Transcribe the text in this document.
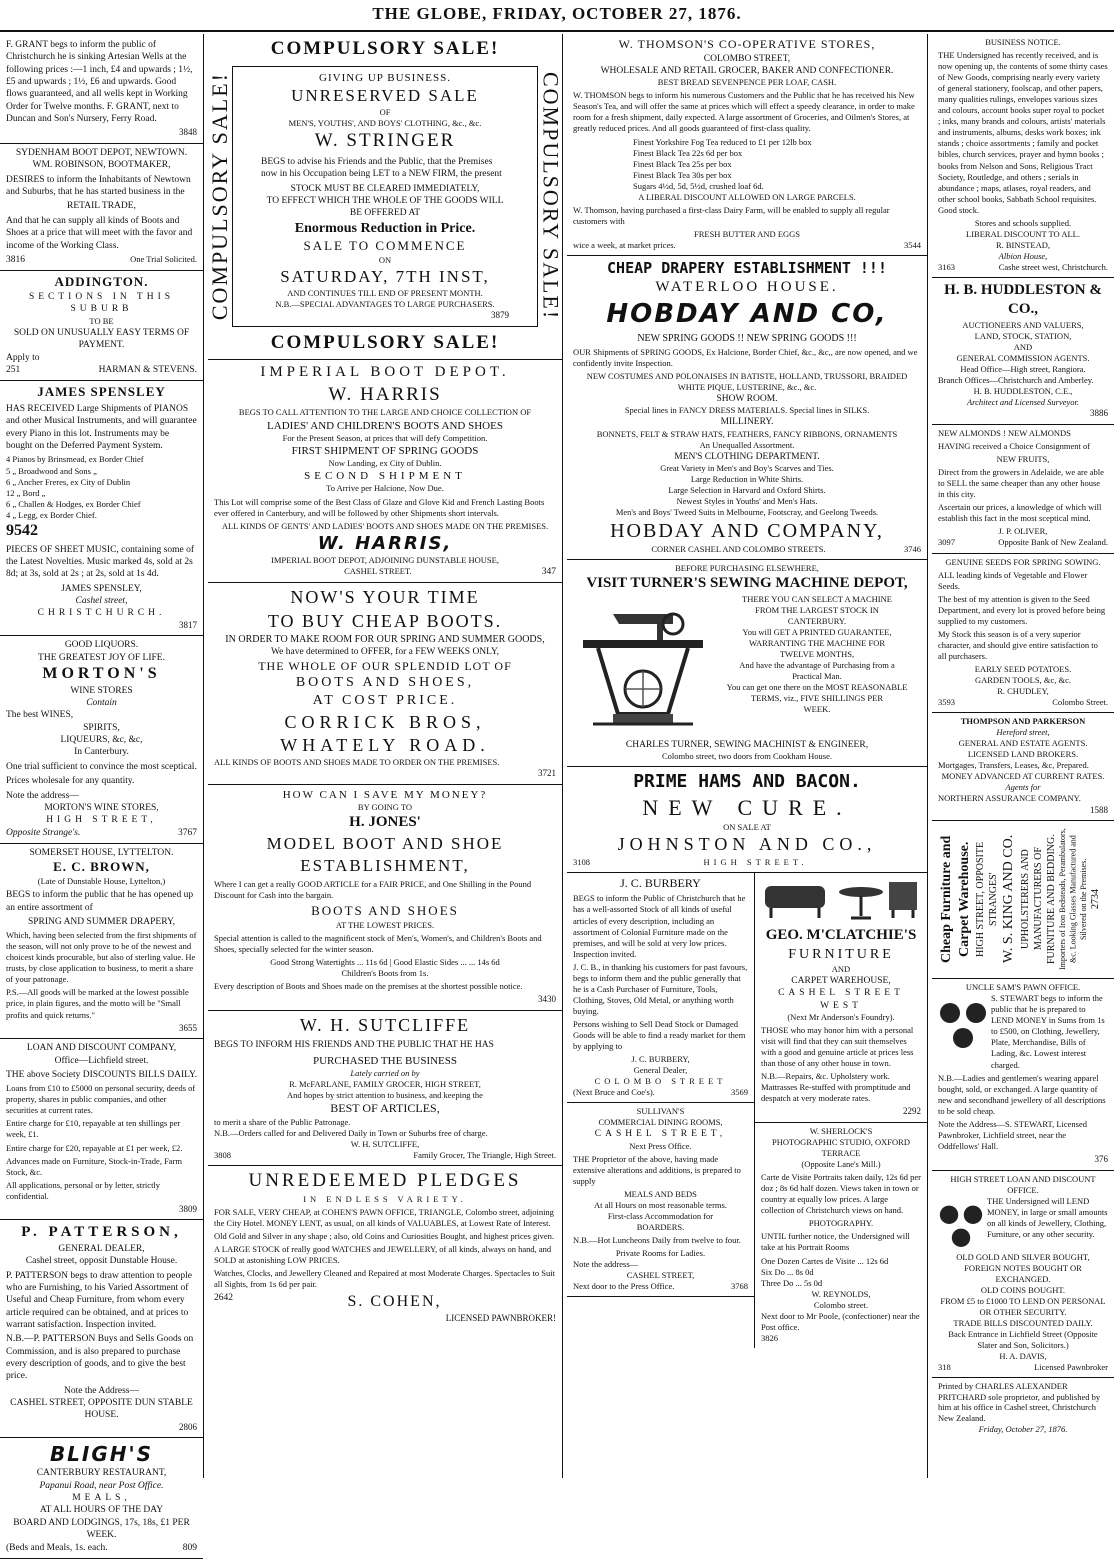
THE GLOBE, FRIDAY, OCTOBER 27, 1876.

F. GRANT begs to inform the public of Christchurch he is sinking Artesian Wells at the following prices :—1 inch, £4 and upwards ; 1½, £5 and upwards ; 1½, £6 and upwards. Good flows guaranteed, and all wells kept in Working Order for Twelve months. F. GRANT, next to Duncan and Son's Nursery, Ferry Road.

3848
SYDENHAM BOOT DEPOT, NEWTOWN.
WM. ROBINSON, BOOTMAKER,

DESIRES to inform the Inhabitants of Newtown and Suburbs, that he has started business in the

RETAIL TRADE,

And that he can supply all kinds of Boots and Shoes at a price that will meet with the favor and income of the Working Class.

3816	One Trial Solicited.
ADDINGTON.
SECTIONS IN THIS SUBURB
TO BE
SOLD ON UNUSUALLY EASY TERMS OF PAYMENT.
Apply to
251	HARMAN & STEVENS.
JAMES SPENSLEY

HAS RECEIVED Large Shipments of PIANOS and other Musical Instruments, and will guarantee every Piano in this lot. Instruments may be bought on the Deferred Payment System.

4 Pianos by Brinsmead, ex Border Chief
5 „ Broadwood and Sons „
6 „ Ancher Freres, ex City of Dublin
12 „ Bord „
6 „ Challen & Hodges, ex Border Chief
4 „ Legg, ex Border Chief.
9542

PIECES OF SHEET MUSIC, containing some of the Latest Novelties. Music marked 4s, sold at 2s 8d; at 3s, sold at 2s ; at 2s, sold at 1s 4d.

JAMES SPENSLEY,
Cashel street,
CHRISTCHURCH.
3817
GOOD LIQUORS.
THE GREATEST JOY OF LIFE.
MORTON'S
WINE STORES
Contain
The best WINES,
SPIRITS,
LIQUEURS, &c, &c,
In Canterbury.

One trial sufficient to convince the most sceptical.

Prices wholesale for any quantity.

Note the address—
MORTON'S WINE STORES,
HIGH STREET,
Opposite Strange's.	3767
SOMERSET HOUSE, LYTTELTON.
E. C. BROWN,
(Late of Dunstable House, Lyttelton,)

BEGS to inform the public that he has opened up an entire assortment of

SPRING AND SUMMER DRAPERY,

Which, having been selected from the first shipments of the season, will not only prove to be of the newest and choicest kinds procurable, but also of sterling value. He trusts, by close application to business, to merit a share of your patronage.

P.S.—All goods will be marked at the lowest possible price, in plain figures, and the motto will be "Small profits and quick returns."

3655
LOAN AND DISCOUNT COMPANY,
Office—Lichfield street.

THE above Society DISCOUNTS BILLS DAILY.

Loans from £10 to £5000 on personal security, deeds of property, shares in public companies, and other securities at current rates.

Entire charge for £10, repayable at ten shillings per week, £1.

Entire charge for £20, repayable at £1 per week, £2.

Advances made on Furniture, Stock-in-Trade, Farm Stock, &c.

All applications, personal or by letter, strictly confidential.

3809
P. PATTERSON,
GENERAL DEALER,
Cashel street, opposit Dunstable House.

P. PATTERSON begs to draw attention to people who are Furnishing, to his Varied Assortment of Useful and Cheap Furniture, from whom every article required can be obtained, and at prices to warrant satisfaction. Inspection invited.

N.B.—P. PATTERSON Buys and Sells Goods on Commission, and is also prepared to purchase every description of goods, and to give the best price.

Note the Address—
CASHEL STREET, OPPOSITE DUN STABLE HOUSE.
2806
BLIGH'S
CANTERBURY RESTAURANT,
Papanui Road, near Post Office.
MEALS,
AT ALL HOURS OF THE DAY
BOARD AND LODGINGS, 17s, 18s, £1 PER WEEK.
(Beds and Meals, 1s. each.	809
COMPULSORY SALE!
COMPULSORY SALE!	COMPULSORY SALE!
GIVING UP BUSINESS.
UNRESERVED SALE
OF
MEN'S, YOUTHS', AND BOYS' CLOTHING, &c., &c.
W. STRINGER

BEGS to advise his Friends and the Public, that the Premises now in his Occupation being LET to a NEW FIRM, the present

STOCK MUST BE CLEARED IMMEDIATELY,
TO EFFECT WHICH THE WHOLE OF THE GOODS WILL BE OFFERED AT
Enormous Reduction in Price.
SALE TO COMMENCE
ON
SATURDAY, 7TH INST,
AND CONTINUES TILL END OF PRESENT MONTH.
N.B.—SPECIAL ADVANTAGES TO LARGE PURCHASERS.
3879
COMPULSORY SALE!
IMPERIAL BOOT DEPOT.
W. HARRIS
BEGS TO CALL ATTENTION TO THE LARGE AND CHOICE COLLECTION OF
LADIES' AND CHILDREN'S BOOTS AND SHOES
For the Present Season, at prices that will defy Competition.
FIRST SHIPMENT OF SPRING GOODS
Now Landing, ex City of Dublin.
SECOND SHIPMENT
To Arrive per Halcione, Now Due.

This Lot will comprise some of the Best Class of Glaze and Glove Kid and French Lasting Boots ever offered in Canterbury, and will be followed by other Shipments short intervals.

ALL KINDS OF GENTS' AND LADIES' BOOTS AND SHOES MADE ON THE PREMISES.
W. HARRIS,
IMPERIAL BOOT DEPOT, ADJOINING DUNSTABLE HOUSE,
CASHEL STREET.	347
NOW'S YOUR TIME
TO BUY CHEAP BOOTS.
IN ORDER TO MAKE ROOM FOR OUR SPRING AND SUMMER GOODS,
We have determined to OFFER, for a FEW WEEKS ONLY,
THE WHOLE OF OUR SPLENDID LOT OF
BOOTS AND SHOES,
AT COST PRICE.
CORRICK BROS,
WHATELY ROAD.
ALL KINDS OF BOOTS AND SHOES MADE TO ORDER ON THE PREMISES.
3721
HOW CAN I SAVE MY MONEY?
BY GOING TO
H. JONES'
MODEL BOOT AND SHOE
ESTABLISHMENT,

Where I can get a really GOOD ARTICLE for a FAIR PRICE, and One Shilling in the Pound Discount for Cash into the bargain.

BOOTS AND SHOES
AT THE LOWEST PRICES.

Special attention is called to the magnificent stock of Men's, Women's, and Children's Boots and Shoes, specially selected for the winter season.

Good Strong Watertights ... 11s 6d | Good Elastic Sides ... ... 14s 6d
Children's Boots from 1s.

Every description of Boots and Shoes made on the premises at the shortest possible notice.

3430
W. H. SUTCLIFFE

BEGS TO INFORM HIS FRIENDS AND THE PUBLIC THAT HE HAS

PURCHASED THE BUSINESS
Lately carried on by
R. McFARLANE, FAMILY GROCER, HIGH STREET,
And hopes by strict attention to business, and keeping the
BEST OF ARTICLES,
to merit a share of the Public Patronage.
N.B.—Orders called for and Delivered Daily in Town or Suburbs free of charge.
W. H. SUTCLIFFE,
3808	Family Grocer, The Triangle, High Street.
UNREDEEMED PLEDGES
IN ENDLESS VARIETY.

FOR SALE, VERY CHEAP, at COHEN'S PAWN OFFICE, TRIANGLE, Colombo street, adjoining the City Hotel. MONEY LENT, as usual, on all kinds of VALUABLES, at Lowest Rate of Interest.

Old Gold and Silver in any shape ; also, old Coins and Curiosities Bought, and highest prices given.

A LARGE STOCK of really good WATCHES and JEWELLERY, of all kinds, always on hand, and SOLD at astonishing LOW PRICES.

Watches, Clocks, and Jewellery Cleaned and Repaired at most Moderate Charges. Spectacles to Suit all Sights, from 1s 6d per pair.

2642	S. COHEN,
LICENSED PAWNBROKER!
W. THOMSON'S CO-OPERATIVE STORES,
COLOMBO STREET,
WHOLESALE AND RETAIL GROCER, BAKER AND CONFECTIONER.
BEST BREAD SEVENPENCE PER LOAF, CASH.

W. THOMSON begs to inform his numerous Customers and the Public that he has received his New Season's Tea, and will offer the same at prices which will effect a speedy clearance, in order to make room for a fresh shipment, daily expected. A large assortment of Groceries, and Oilmen's Stores, at greatly reduced prices. And all goods guaranteed of first-class quality.

Finest Yorkshire Fog Tea reduced to £1 per 12lb box
Finest Black Tea 22s 6d per box
Finest Black Tea 25s per box
Finest Black Tea 30s per box
Sugars 4½d, 5d, 5½d, crushed loaf 6d.
A LIBERAL DISCOUNT ALLOWED ON LARGE PARCELS.

W. Thomson, having purchased a first-class Dairy Farm, will be enabled to supply all regular customers with

FRESH BUTTER AND EGGS
wice a week, at market prices.	3544
CHEAP DRAPERY ESTABLISHMENT !!!
WATERLOO HOUSE.
HOBDAY AND CO,
NEW SPRING GOODS !! NEW SPRING GOODS !!!

OUR Shipments of SPRING GOODS, Ex Halcione, Border Chief, &c., &c,, are now opened, and we confidently invite Inspection.

NEW COSTUMES AND POLONAISES IN BATISTE, HOLLAND, TRUSSORI, BRAIDED WHITE PIQUE, LUSTERINE, &c., &c.
SHOW ROOM.
Special lines in FANCY DRESS MATERIALS. Special lines in SILKS.
MILLINERY.
BONNETS, FELT & STRAW HATS, FEATHERS, FANCY RIBBONS, ORNAMENTS
An Unequalled Assortment.
MEN'S CLOTHING DEPARTMENT.
Great Variety in Men's and Boy's Scarves and Ties.
Large Reduction in White Shirts.
Large Selection in Harvard and Oxford Shirts.
Newest Styles in Youths' and Men's Hats.
Men's and Boys' Tweed Suits in Melbourne, Footscray, and Geelong Tweeds.
HOBDAY AND COMPANY,
CORNER CASHEL AND COLOMBO STREETS.	3746
BEFORE PURCHASING ELSEWHERE,
VISIT TURNER'S SEWING MACHINE DEPOT,
THERE YOU CAN SELECT A MACHINE
FROM THE LARGEST STOCK IN
CANTERBURY.
You will GET A PRINTED GUARANTEE,
WARRANTING THE MACHINE FOR
TWELVE MONTHS,
And have the advantage of Purchasing from a
Practical Man.
You can get one there on the MOST REASONABLE
TERMS, viz., FIVE SHILLINGS PER
WEEK.
CHARLES TURNER, SEWING MACHINIST & ENGINEER,
Colombo street, two doors from Cookham House.
PRIME HAMS AND BACON.
NEW CURE.
ON SALE AT
JOHNSTON AND CO.,
3108	HIGH STREET.
J. C. BURBERY

BEGS to inform the Public of Christchurch that he has a well-assorted Stock of all kinds of useful articles of every description, including an assortment of Colonial Furniture made on the premises, and will be sold at very low prices. Inspection invited.

J. C. B., in thanking his customers for past favours, begs to inform them and the public generally that he is a Cash Purchaser of Furniture, Tools, Clothing, Stoves, Old Metal, or anything worth buying.

Persons wishing to Sell Dead Stock or Damaged Goods will be able to find a ready market for them by applying to

J. C. BURBERY,
General Dealer,
COLOMBO STREET
(Next Bruce and Coe's).	3569
SULLIVAN'S
COMMERCIAL DINING ROOMS,
CASHEL STREET,
Next Press Office.

THE Proprietor of the above, having made extensive alterations and additions, is prepared to supply

MEALS AND BEDS
At all Hours on most reasonable terms.
First-class Accommodation for
BOARDERS.

N.B.—Hot Luncheons Daily from twelve to four.

Private Rooms for Ladies.
Note the address—
CASHEL STREET,
Next door to the Press Office.	3768
GEO. M'CLATCHIE'S
FURNITURE
AND
CARPET WAREHOUSE,
CASHEL STREET WEST
(Next Mr Anderson's Foundry).

THOSE who may honor him with a personal visit will find that they can suit themselves with a good and genuine article at prices less than those of any other house in town.

N.B.—Repairs, &c. Upholstery work. Mattrasses Re-stuffed with promptitude and despatch at very moderate rates.

2292
W. SHERLOCK'S
PHOTOGRAPHIC STUDIO, OXFORD TERRACE
(Opposite Lane's Mill.)

Carte de Visite Portraits taken daily, 12s 6d per doz ; 8s 6d half dozen. Views taken in town or country at equally low prices. A large collection of Christchurch views on hand.

PHOTOGRAPHY.

UNTIL further notice, the Undersigned will take at his Portrait Rooms

One Dozen Cartes de Visite ... 12s 6d
Six Do ... 8s 0d
Three Do ... 5s 0d
W. REYNOLDS,
Colombo street.
Next door to Mr Poole, (confectioner) near the Post office.
3826
BUSINESS NOTICE.

THE Undersigned has recently received, and is now opening up, the contents of some thirty cases of New Goods, comprising nearly every variety of general stationery, foolscap, and other papers, many qualities rulings, envelopes various sizes and colours, account books super royal to pocket ; inks, many brands and colours, artists' materials and instruments, albums, desks work boxes; ink stands ; choice assortments ; family and pocket bibles, church services, prayer and hymn books ; books from Nelson and Sons, Religious Tract Society, Routledge, and others ; serials in abundance ; maps, atlases, royal readers, and other school books, Sabbath School requisites. Good stock.

Stores and schools supplied.
LIBERAL DISCOUNT TO ALL.
R. BINSTEAD,
Albion House,
3163	Cashe street west, Christchurch.
H. B. HUDDLESTON & CO.,
AUCTIONEERS AND VALUERS,
LAND, STOCK, STATION,
AND
GENERAL COMMISSION AGENTS.
Head Office—High street, Rangiora.
Branch Offices—Christchurch and Amberley.
H. B. HUDDLESTON, C.E.,
Architect and Licensed Surveyor.
3886
NEW ALMONDS ! NEW ALMONDS

HAVING received a Choice Consignment of

NEW FRUITS,

Direct from the growers in Adelaide, we are able to SELL the same cheaper than any other house in this city.

Ascertain our prices, a knowledge of which will establish this fact in the most sceptical mind.

J. P. OLIVER,
3097	Opposite Bank of New Zealand.
GENUINE SEEDS FOR SPRING SOWING.

ALL leading kinds of Vegetable and Flower Seeds.

The best of my attention is given to the Seed Department, and every lot is proved before being supplied to my customers.

My Stock this season is of a very superior character, and should give entire satisfaction to all purchasers.

EARLY SEED POTATOES.
GARDEN TOOLS, &c, &c.
R. CHUDLEY,
3593	Colombo Street.
THOMPSON AND PARKERSON
Hereford street,
GENERAL AND ESTATE AGENTS.
LICENSED LAND BROKERS.
Mortgages, Transfers, Leases, &c, Prepared.
MONEY ADVANCED AT CURRENT RATES.
Agents for
NORTHERN ASSURANCE COMPANY.
1588
Cheap Furniture and Carpet Warehouse. HIGH STREET, OPPOSITE STRANGES' W. S. KING AND CO. UPHOLSTERERS AND MANUFACTURERS OF FURNITURE AND BEDDING. Importers of Iron Bedsteads, Perambulators, &c. Looking Glasses Manufactured and Silvered on the Premises. 2734
UNCLE SAM'S PAWN OFFICE.

S. STEWART begs to inform the public that he is prepared to LEND MONEY in Sums from 1s to £500, on Clothing, Jewellery, Plate, Merchandise, Bills of Lading, &c. Lowest interest charged.

N.B.—Ladies and gentlemen's wearing apparel bought, sold, or exchanged. A large quantity of new and secondhand jewellery of all descriptions to be sold cheap.

Note the Address—S. STEWART, Licensed Pawnbroker, Lichfield street, near the Oddfellows' Hall.

376
HIGH STREET LOAN AND DISCOUNT OFFICE.

THE Undersigned will LEND MONEY, in large or small amounts on all kinds of Jewellery, Clothing, Furniture, or any other security.

OLD GOLD AND SILVER BOUGHT, FOREIGN NOTES BOUGHT OR EXCHANGED.
OLD COINS BOUGHT.
FROM £5 to £1000 TO LEND ON PERSONAL OR OTHER SECURITY.
TRADE BILLS DISCOUNTED DAILY.
Back Entrance in Lichfield Street (Opposite Slater and Son, Solicitors.)
H. A. DAVIS,
318	Licensed Pawnbroker
Printed by CHARLES ALEXANDER PRITCHARD sole proprietor, and published by him at his office in Cashel street, Christchurch New Zealand.
Friday, October 27, 1876.
